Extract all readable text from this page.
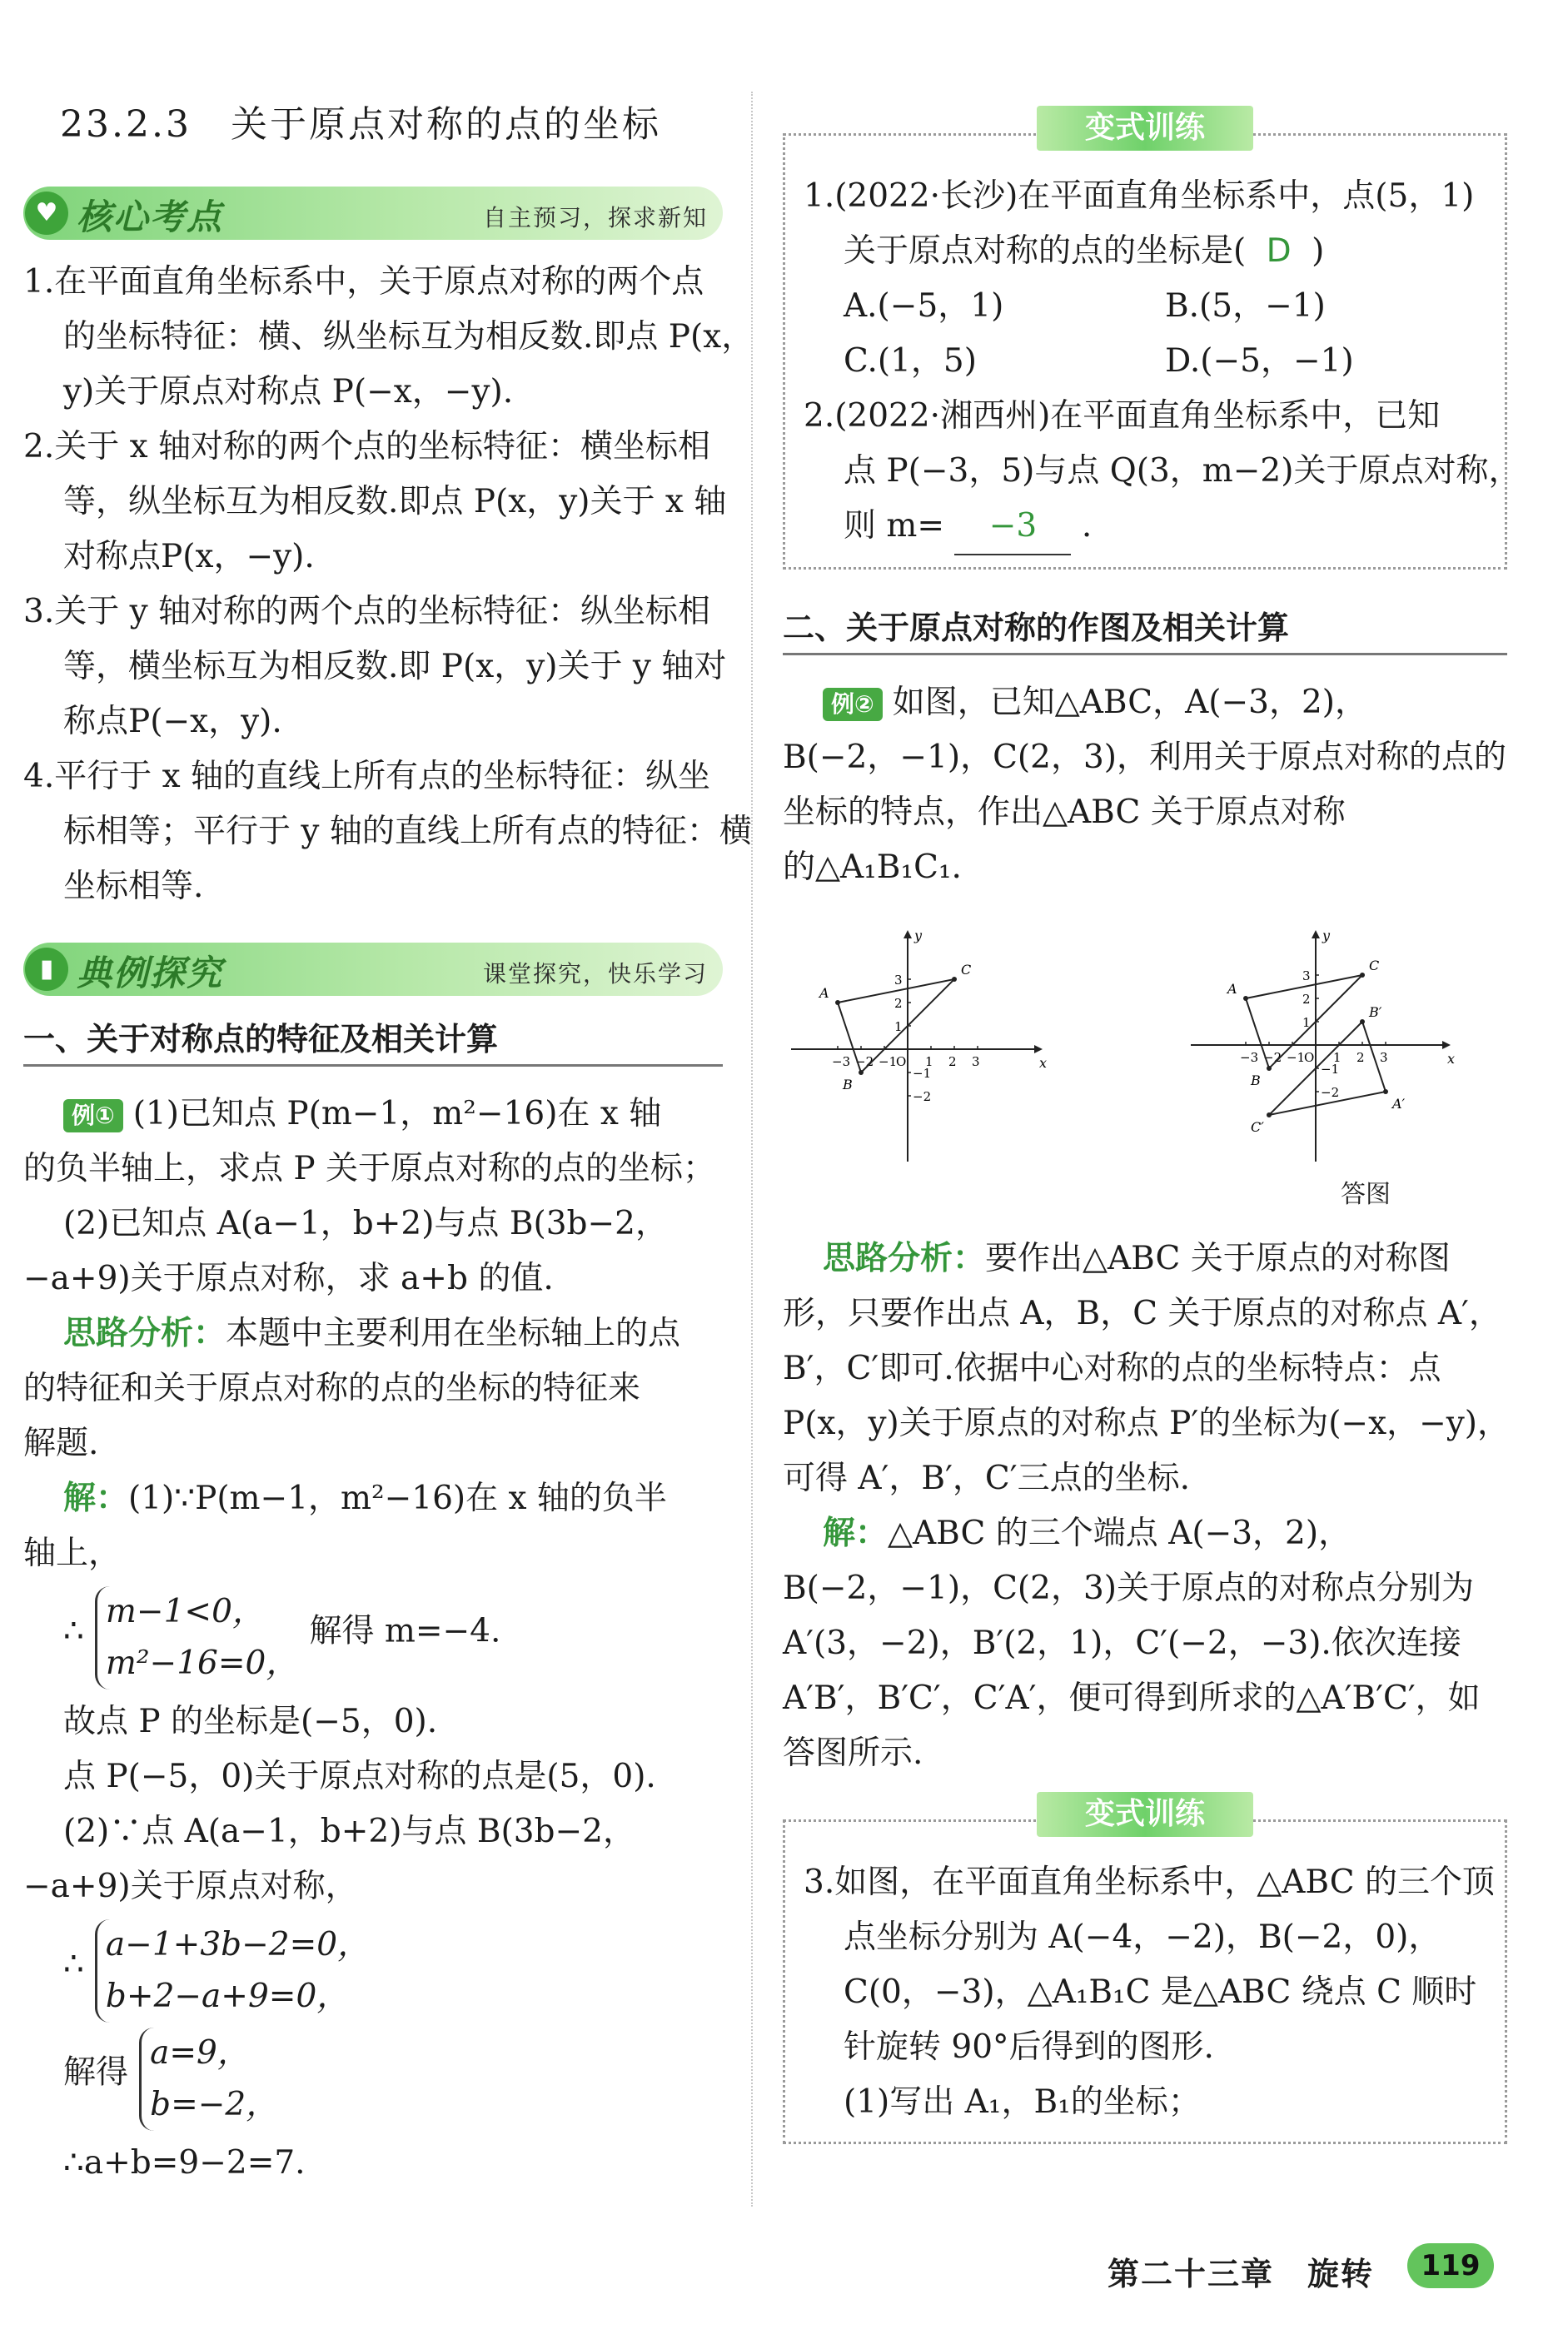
23.2.3　关于原点对称的点的坐标
♥ 核心考点	自主预习，探求新知

1.在平面直角坐标系中，关于原点对称的两个点

的坐标特征：横、纵坐标互为相反数.即点 P(x，

y)关于原点对称点 P(−x，−y).

2.关于 x 轴对称的两个点的坐标特征：横坐标相

等，纵坐标互为相反数.即点 P(x，y)关于 x 轴

对称点P(x，−y).

3.关于 y 轴对称的两个点的坐标特征：纵坐标相

等，横坐标互为相反数.即 P(x，y)关于 y 轴对

称点P(−x，y).

4.平行于 x 轴的直线上所有点的坐标特征：纵坐

标相等；平行于 y 轴的直线上所有点的特征：横

坐标相等.

▮ 典例探究	课堂探究，快乐学习
一、关于对称点的特征及相关计算

例① (1)已知点 P(m−1，m²−16)在 x 轴

的负半轴上，求点 P 关于原点对称的点的坐标；

(2)已知点 A(a−1，b+2)与点 B(3b−2，

−a+9)关于原点对称，求 a+b 的值.

思路分析：本题中主要利用在坐标轴上的点

的特征和关于原点对称的点的坐标的特征来

解题.

解：(1)∵P(m−1，m²−16)在 x 轴的负半

轴上，

∴
m−1<0，
m²−16=0，
解得 m=−4.

故点 P 的坐标是(−5，0).

点 P(−5，0)关于原点对称的点是(5，0).

(2)∵点 A(a−1，b+2)与点 B(3b−2，

−a+9)关于原点对称，

∴
a−1+3b−2=0，
b+2−a+9=0，
解得
a=9，
b=−2，

∴a+b=9−2=7.

变式训练

1.(2022·长沙)在平面直角坐标系中，点(5，1)

关于原点对称的点的坐标是( D )

A.(−5，1)	B.(5，−1)
C.(1，5)	D.(−5，−1)

2.(2022·湘西州)在平面直角坐标系中，已知

点 P(−3，5)与点 Q(3，m−2)关于原点对称，

则 m= −3 .

二、关于原点对称的作图及相关计算

例② 如图，已知△ABC，A(−3，2)，

B(−2，−1)，C(2，3)，利用关于原点对称的点的

坐标的特点，作出△ABC 关于原点对称

的△A₁B₁C₁.

x
y
−3 −2 −1
O 1 2 3
3
2
1
−1
−2
A
B
C
x
y
−3 −2 −1
O 1 2 3
3
2
1
−1
−2
A
B
C
A′
B′
C′
答图

思路分析：要作出△ABC 关于原点的对称图

形，只要作出点 A，B，C 关于原点的对称点 A′，

B′，C′即可.依据中心对称的点的坐标特点：点

P(x，y)关于原点的对称点 P′的坐标为(−x，−y)，

可得 A′，B′，C′三点的坐标.

解：△ABC 的三个端点 A(−3，2)，

B(−2，−1)，C(2，3)关于原点的对称点分别为

A′(3，−2)，B′(2，1)，C′(−2，−3).依次连接

A′B′，B′C′，C′A′，便可得到所求的△A′B′C′，如

答图所示.

变式训练

3.如图，在平面直角坐标系中，△ABC 的三个顶

点坐标分别为 A(−4，−2)，B(−2，0)，

C(0，−3)，△A₁B₁C 是△ABC 绕点 C 顺时

针旋转 90°后得到的图形.

(1)写出 A₁，B₁的坐标；

第二十三章　旋转	119
